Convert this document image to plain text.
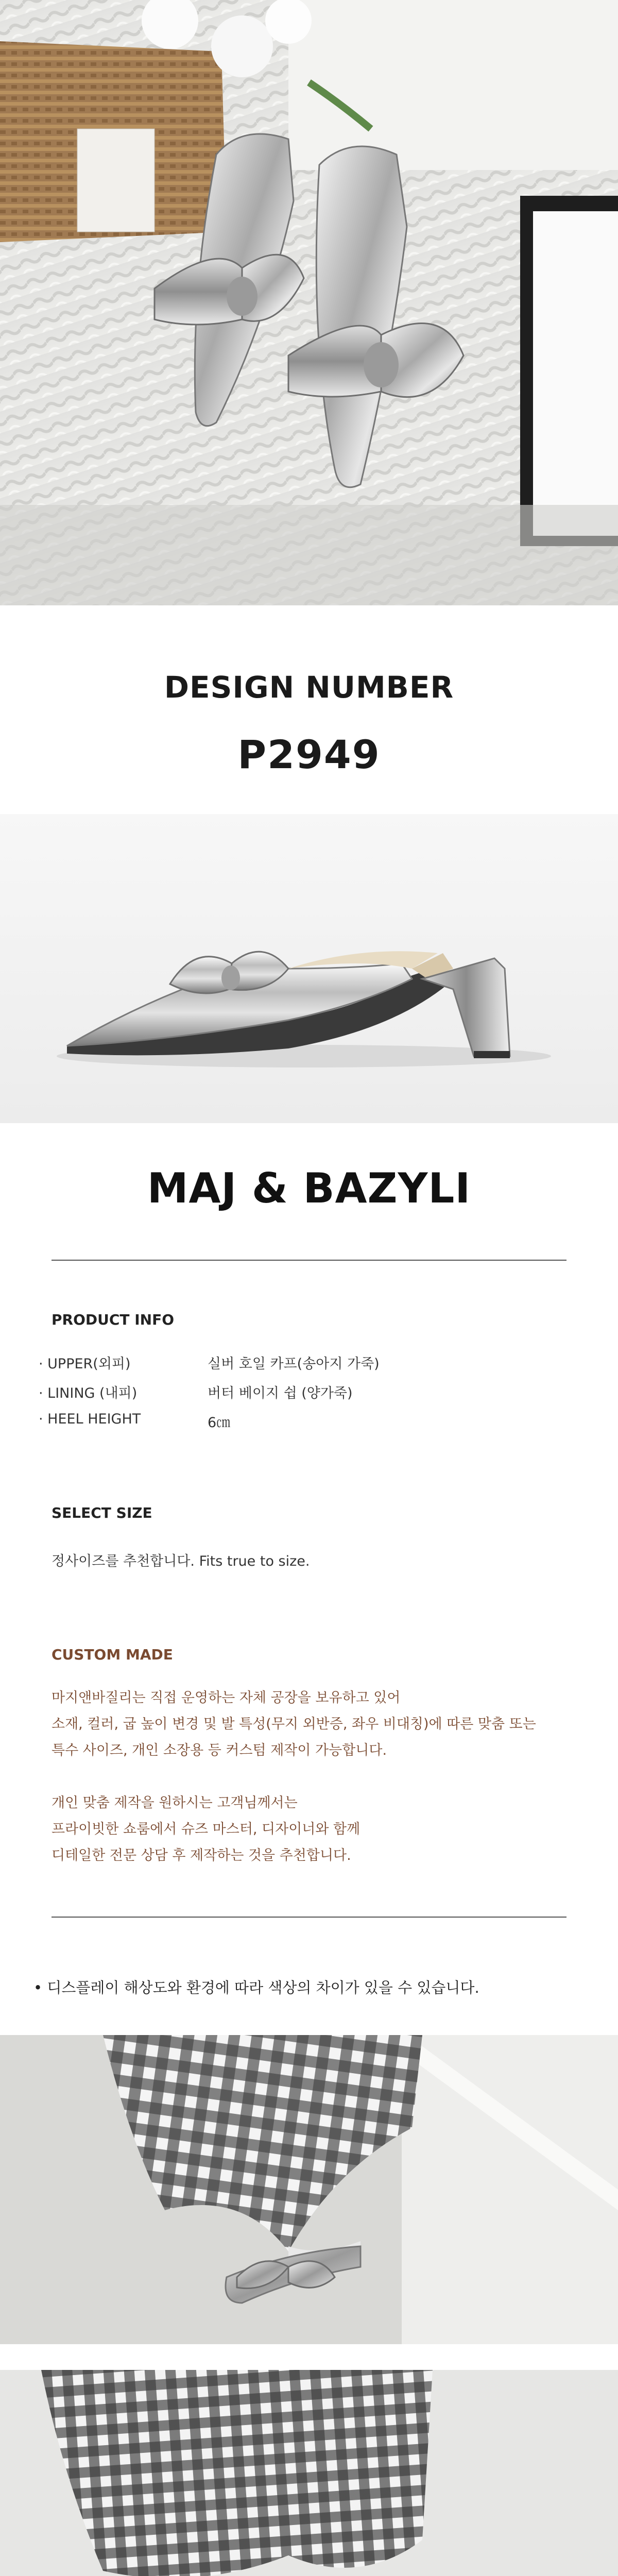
DESIGN NUMBER
P2949
MAJ & BAZYLI
PRODUCT INFO
· UPPER(외피)	실버 호일 카프(송아지 가죽)
· LINING (내피)	버터 베이지 쉽 (양가죽)
· HEEL HEIGHT	6㎝
SELECT SIZE
정사이즈를 추천합니다. Fits true to size.
CUSTOM MADE
마지앤바질리는 직접 운영하는 자체 공장을 보유하고 있어
소재, 컬러, 굽 높이 변경 및 발 특성(무지 외반증, 좌우 비대칭)에 따른 맞춤 또는
특수 사이즈, 개인 소장용 등 커스텀 제작이 가능합니다.
개인 맞춤 제작을 원하시는 고객님께서는
프라이빗한 쇼룸에서 슈즈 마스터, 디자이너와 함께
디테일한 전문 상담 후 제작하는 것을 추천합니다.
• 디스플레이 해상도와 환경에 따라 색상의 차이가 있을 수 있습니다.
